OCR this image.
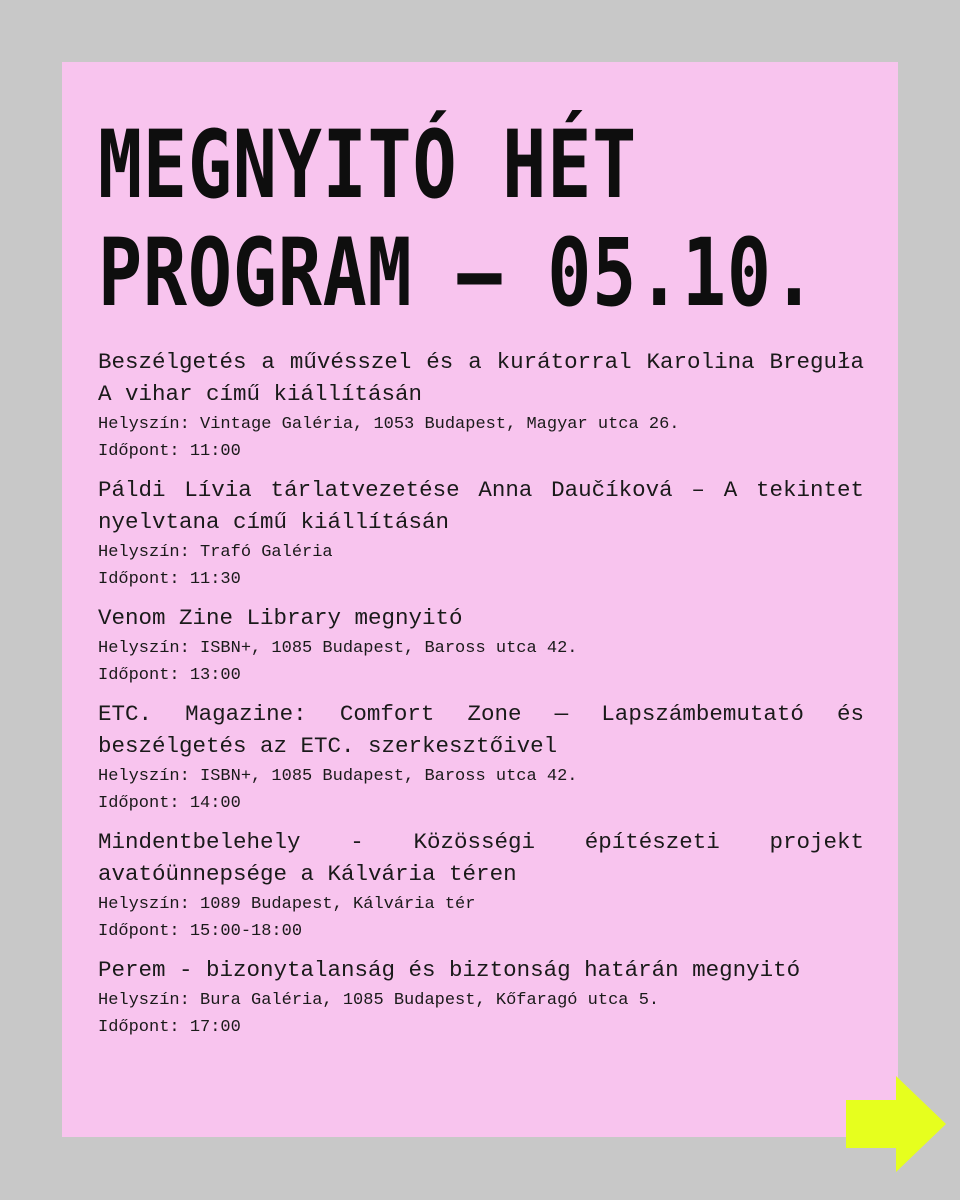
MEGNYITÓ HÉT
PROGRAM – 05.10.

Beszélgetés a művésszel és a kurátorral Karolina Breguła A vihar című kiállításán

Helyszín: Vintage Galéria, 1053 Budapest, Magyar utca 26.

Időpont: 11:00

Páldi Lívia tárlatvezetése Anna Daučíková – A tekintet nyelvtana című kiállításán

Helyszín: Trafó Galéria

Időpont: 11:30

Venom Zine Library megnyitó

Helyszín: ISBN+, 1085 Budapest, Baross utca 42.

Időpont: 13:00

ETC. Magazine: Comfort Zone — Lapszámbemutató és beszélgetés az ETC. szerkesztőivel

Helyszín: ISBN+, 1085 Budapest, Baross utca 42.

Időpont: 14:00

Mindentbelehely - Közösségi építészeti projekt avatóünnepsége a Kálvária téren

Helyszín: 1089 Budapest, Kálvária tér

Időpont: 15:00-18:00

Perem - bizonytalanság és biztonság határán megnyitó

Helyszín: Bura Galéria, 1085 Budapest, Kőfaragó utca 5.

Időpont: 17:00
